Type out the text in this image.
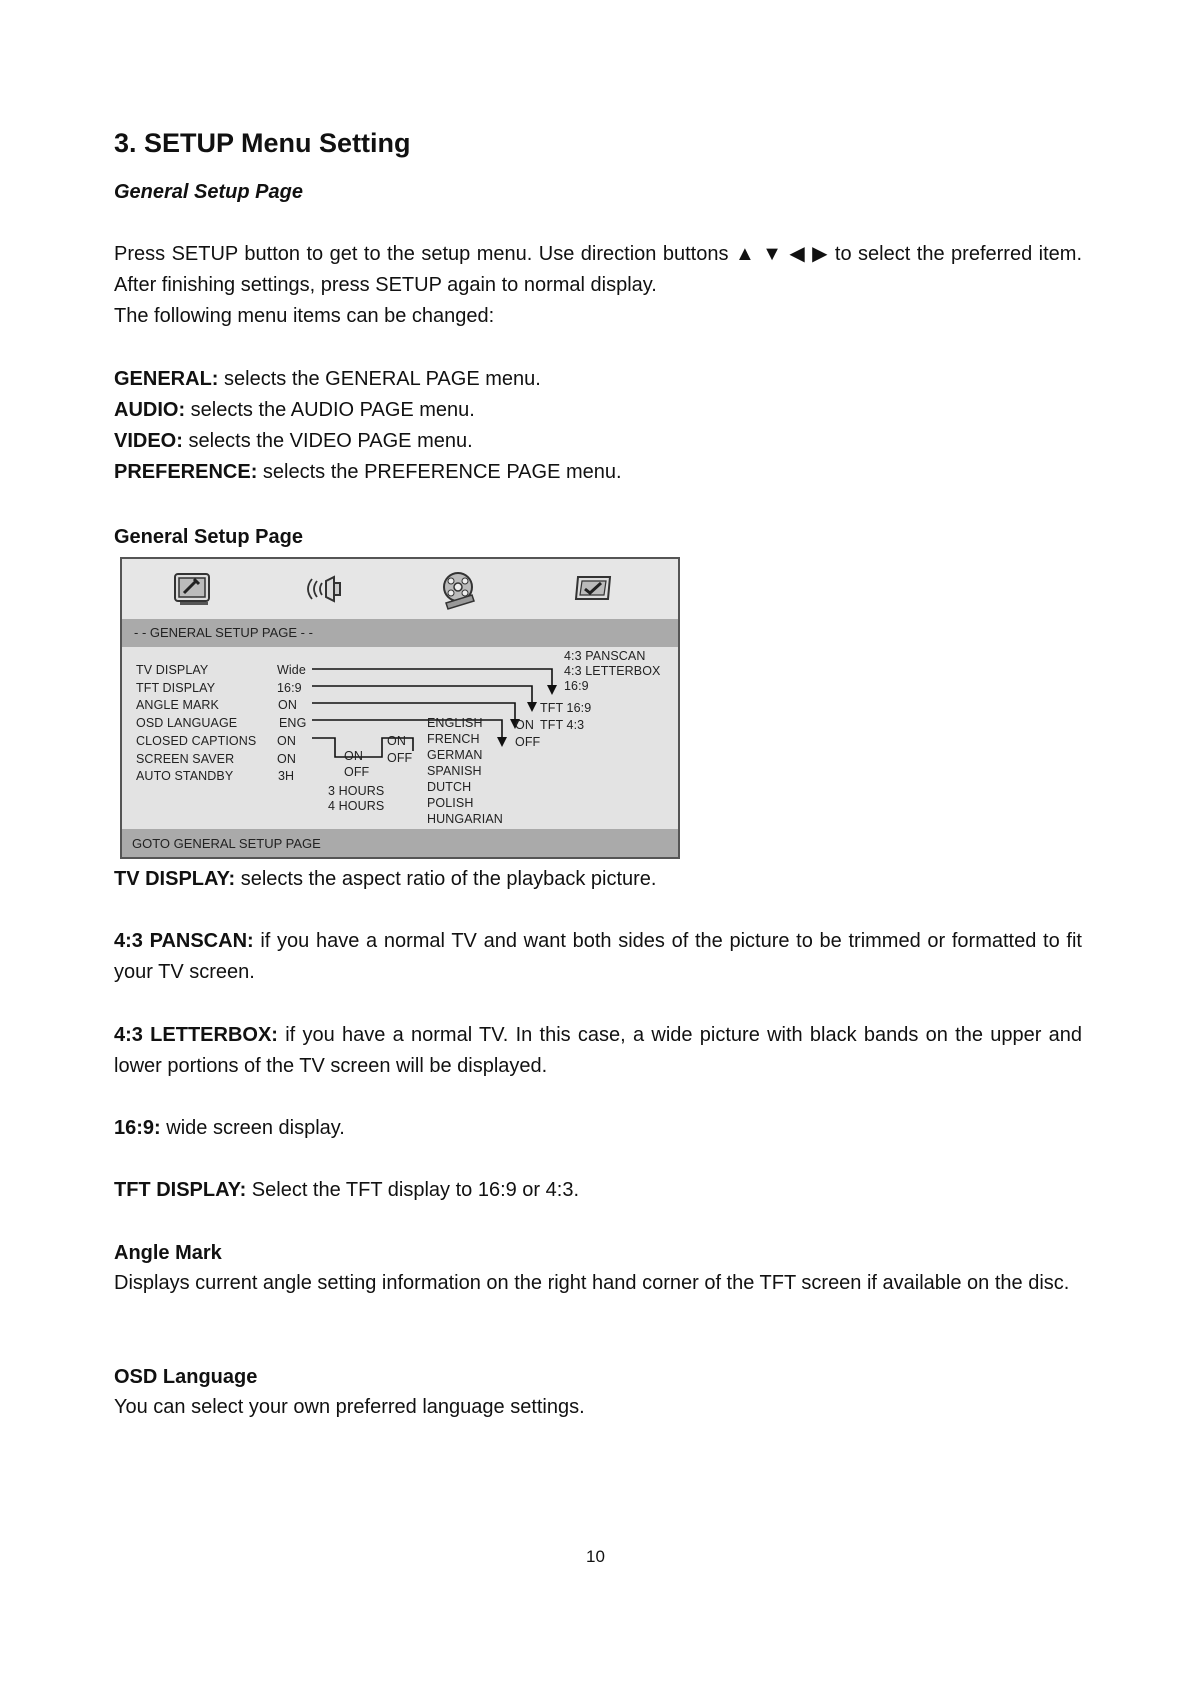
3. SETUP Menu Setting
General Setup Page
Press SETUP button to get to the setup menu. Use direction buttons ▲ ▼ ◀ ▶ to select the preferred item. After finishing settings, press SETUP again to normal display.
The following menu items can be changed:
GENERAL: selects the GENERAL PAGE menu.
AUDIO: selects the AUDIO PAGE menu.
VIDEO: selects the VIDEO PAGE menu.
PREFERENCE: selects the PREFERENCE PAGE menu.
General Setup Page
- - GENERAL SETUP PAGE - -
TV DISPLAY
TFT DISPLAY
ANGLE MARK
OSD LANGUAGE
CLOSED CAPTIONS
SCREEN SAVER
AUTO STANDBY
Wide
16:9
ON
ENG
ON
ON
3H
4:3 PANSCAN
4:3 LETTERBOX
16:9
TFT 16:9
TFT 4:3
ON
OFF
ENGLISH
FRENCH
GERMAN
SPANISH
DUTCH
POLISH
HUNGARIAN
ON
OFF
ON
OFF
3 HOURS
4 HOURS
GOTO GENERAL SETUP PAGE
TV DISPLAY: selects the aspect ratio of the playback picture.
4:3 PANSCAN: if you have a normal TV and want both sides of the picture to be trimmed or formatted to fit your TV screen.
4:3 LETTERBOX: if you have a normal TV. In this case, a wide picture with black bands on the upper and lower portions of the TV screen will be displayed.
16:9: wide screen display.
TFT DISPLAY: Select the TFT display to 16:9 or 4:3.
Angle Mark
Displays current angle setting information on the right hand corner of the TFT screen if available on the disc.
OSD Language
You can select your own preferred language settings.
10
